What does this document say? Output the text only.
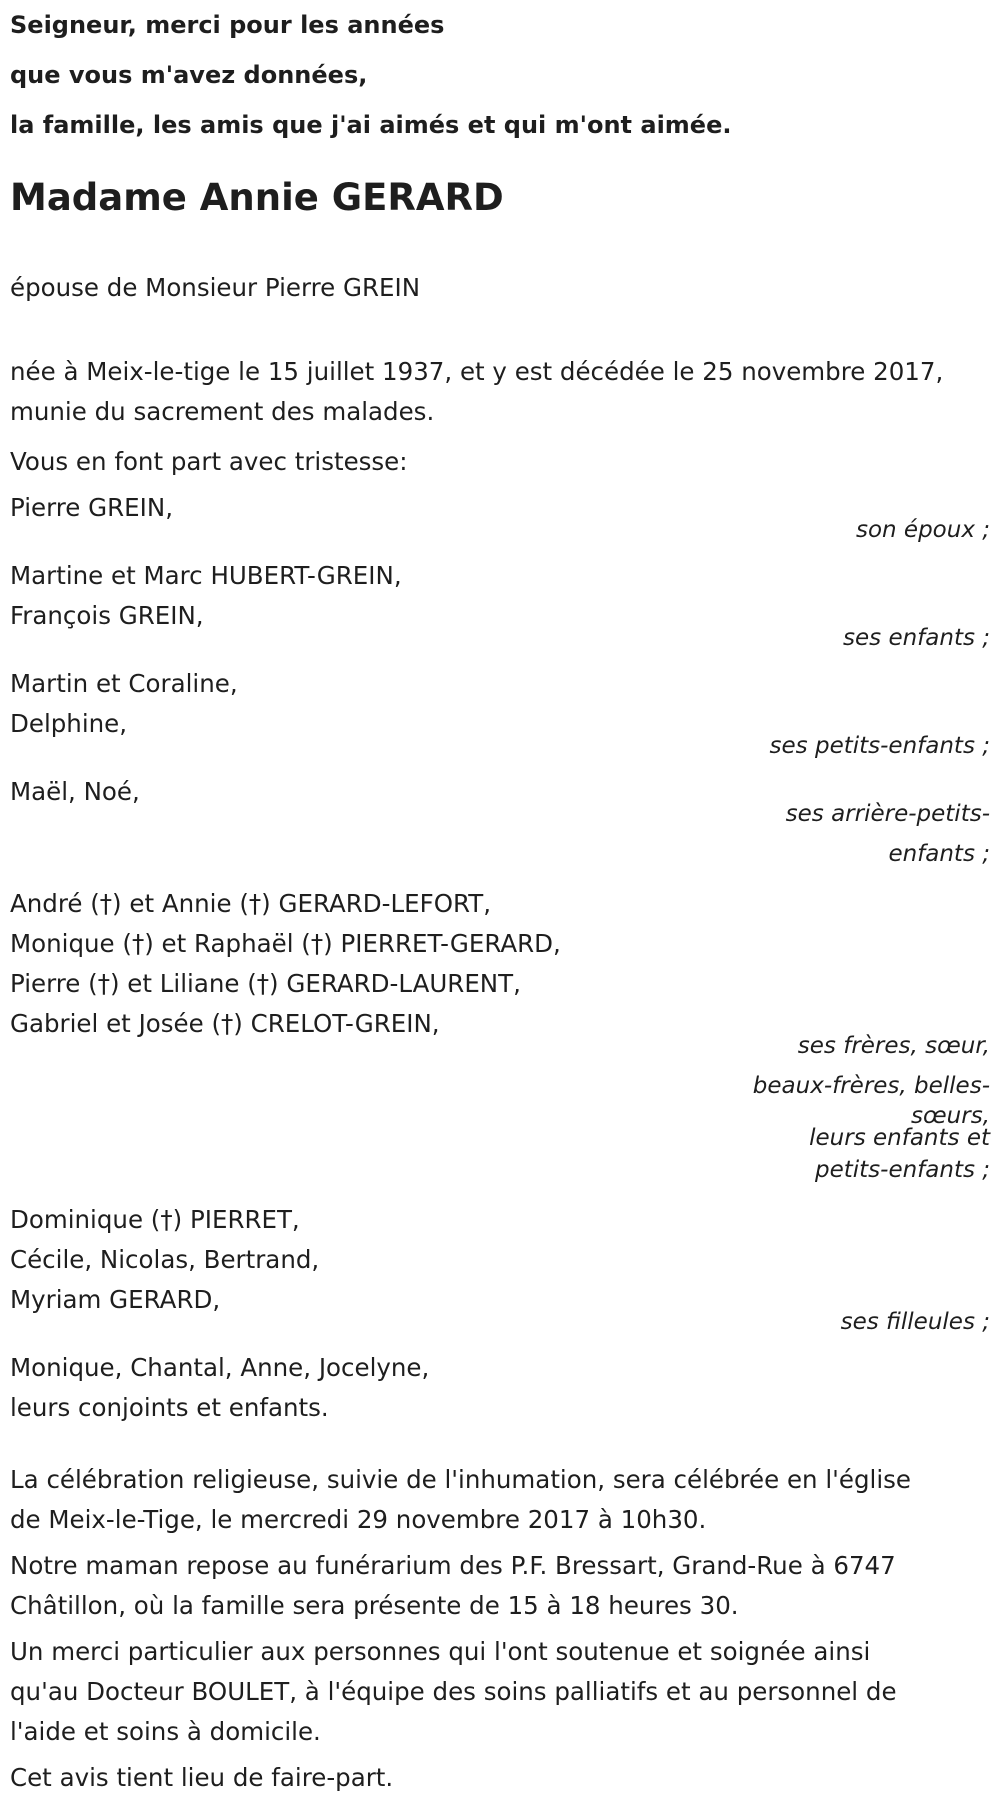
Seigneur, merci pour les années
que vous m'avez données,
la famille, les amis que j'ai aimés et qui m'ont aimée.
Madame Annie GERARD

épouse de Monsieur Pierre GREIN

née à Meix-le-tige le 15 juillet 1937, et y est décédée le 25 novembre 2017,
munie du sacrement des malades.

Vous en font part avec tristesse:

Pierre GREIN,
son époux ;
Martine et Marc HUBERT-GREIN,
François GREIN,
ses enfants ;
Martin et Coraline,
Delphine,
ses petits-enfants ;
Maël, Noé,
ses arrière-petits-
enfants ;
André (†) et Annie (†) GERARD-LEFORT,
Monique (†) et Raphaël (†) PIERRET-GERARD,
Pierre (†) et Liliane (†) GERARD-LAURENT,
Gabriel et Josée (†) CRELOT-GREIN,
ses frères, sœur,
beaux-frères, belles-
sœurs,
leurs enfants et
petits-enfants ;
Dominique (†) PIERRET,
Cécile, Nicolas, Bertrand,
Myriam GERARD,
ses filleules ;
Monique, Chantal, Anne, Jocelyne,
leurs conjoints et enfants.
La célébration religieuse, suivie de l'inhumation, sera célébrée en l'église
de Meix-le-Tige, le mercredi 29 novembre 2017 à 10h30.
Notre maman repose au funérarium des P.F. Bressart, Grand-Rue à 6747
Châtillon, où la famille sera présente de 15 à 18 heures 30.
Un merci particulier aux personnes qui l'ont soutenue et soignée ainsi
qu'au Docteur BOULET, à l'équipe des soins palliatifs et au personnel de
l'aide et soins à domicile.

Cet avis tient lieu de faire-part.
